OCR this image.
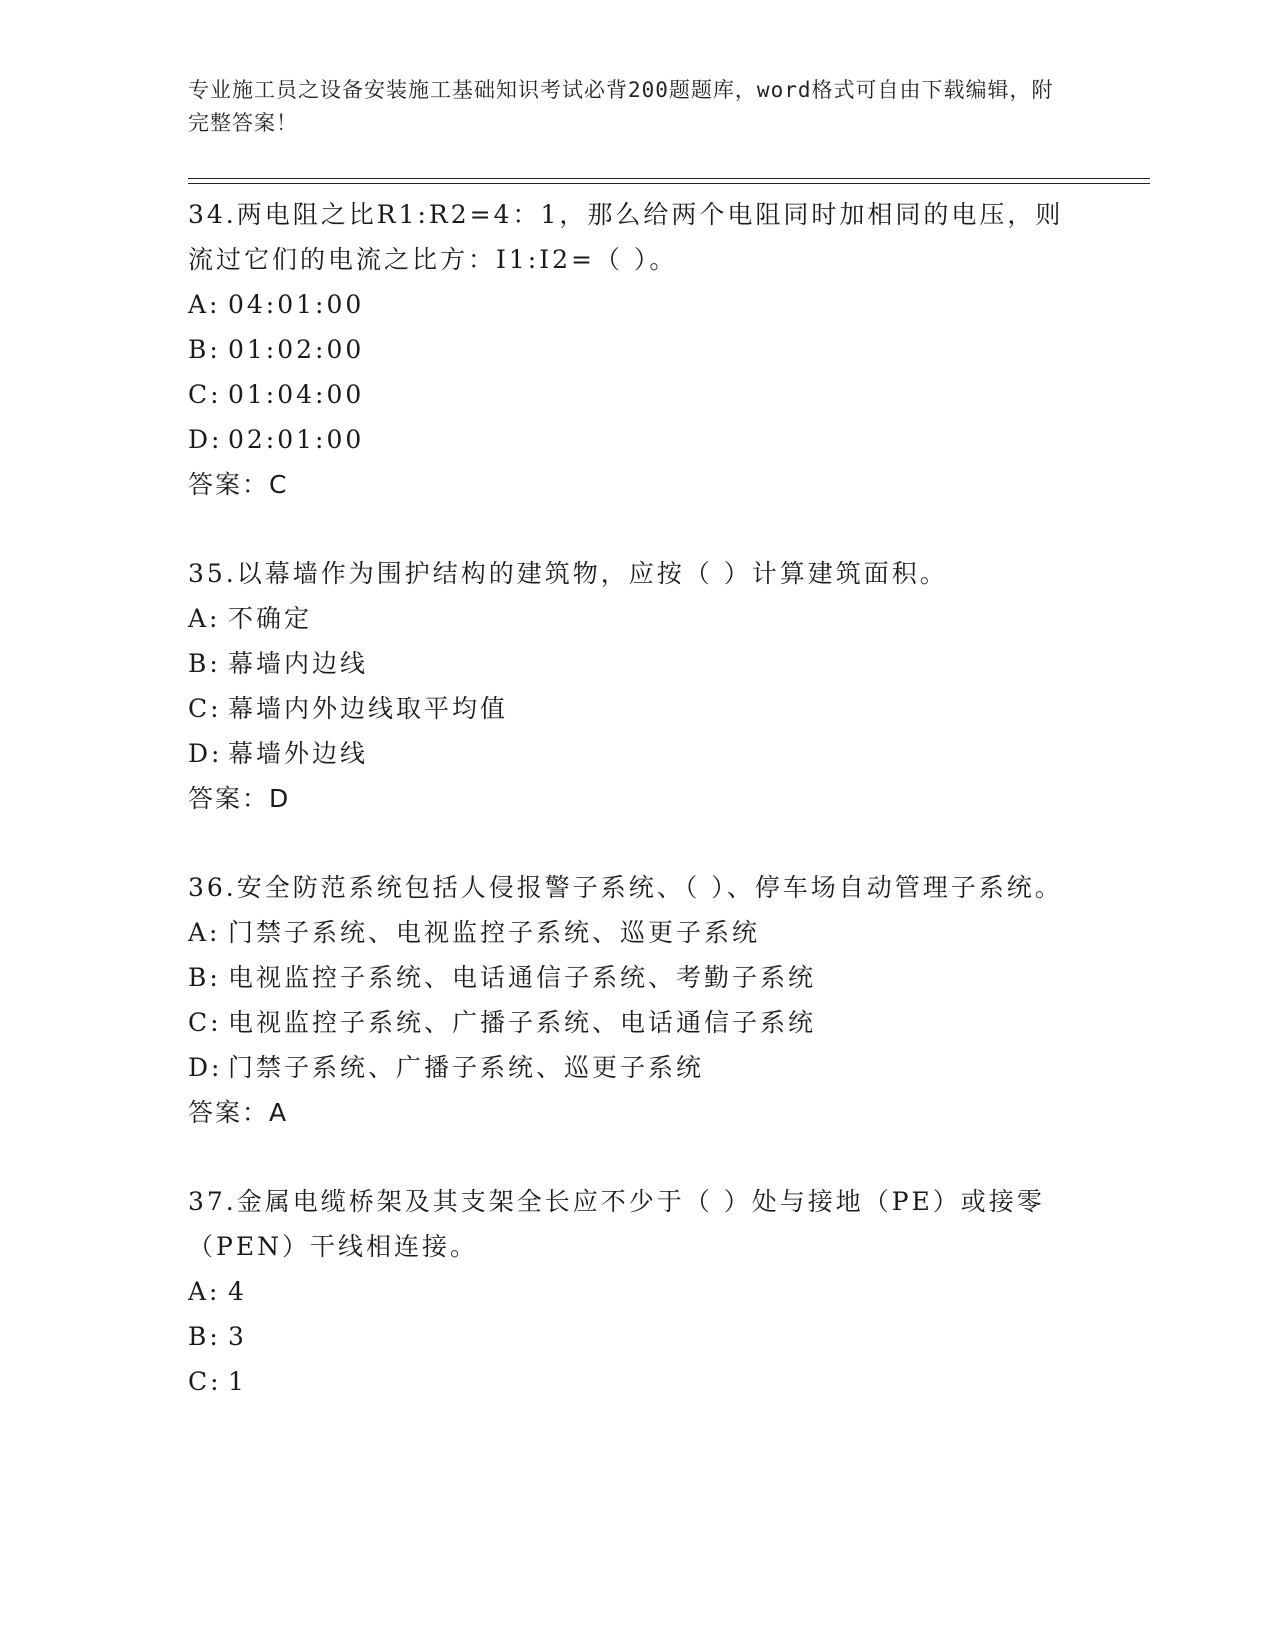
专业施工员之设备安装施工基础知识考试必背200题题库，word格式可自由下载编辑，附完整答案！

34.两电阻之比R1:R2=4：1，那么给两个电阻同时加相同的电压，则流过它们的电流之比方：I1:I2=（ ）。

A: 04:01:00

B: 01:02:00

C: 01:04:00

D: 02:01:00

答案：C

35.以幕墙作为围护结构的建筑物，应按（ ）计算建筑面积。

A: 不确定

B: 幕墙内边线

C: 幕墙内外边线取平均值

D: 幕墙外边线

答案：D

36.安全防范系统包括人侵报警子系统、（ ）、停车场自动管理子系统。

A: 门禁子系统、电视监控子系统、巡更子系统

B: 电视监控子系统、电话通信子系统、考勤子系统

C: 电视监控子系统、广播子系统、电话通信子系统

D: 门禁子系统、广播子系统、巡更子系统

答案：A

37.金属电缆桥架及其支架全长应不少于（ ）处与接地（PE）或接零（PEN）干线相连接。

A: 4

B: 3

C: 1
